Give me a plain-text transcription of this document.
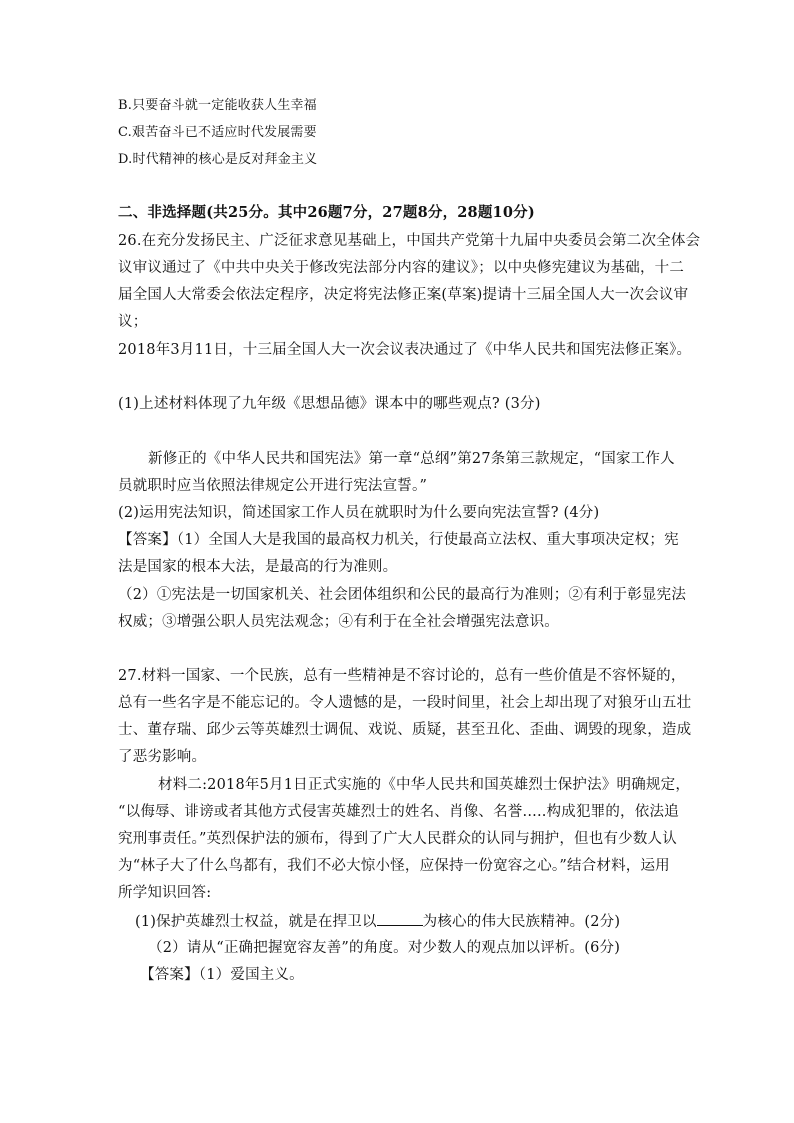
B.只要奋斗就一定能收获人生幸福
C.艰苦奋斗已不适应时代发展需要
D.时代精神的核心是反对拜金主义
二、非选择题(共25分。其中26题7分，27题8分，28题10分)
26.在充分发扬民主、广泛征求意见基础上，中国共产党第十九届中央委员会第二次全体会
议审议通过了《中共中央关于修改宪法部分内容的建议》；以中央修宪建议为基础，十二
届全国人大常委会依法定程序，决定将宪法修正案(草案)提请十三届全国人大一次会议审
议；
2018年3月11日，十三届全国人大一次会议表决通过了《中华人民共和国宪法修正案》。
(1)上述材料体现了九年级《思想品德》课本中的哪些观点? (3分)
新修正的《中华人民共和国宪法》第一章“总纲”第27条第三款规定，“国家工作人
员就职时应当依照法律规定公开进行宪法宣誓。”
(2)运用宪法知识，简述国家工作人员在就职时为什么要向宪法宣誓? (4分)
【答案】（1）全国人大是我国的最高权力机关，行使最高立法权、重大事项决定权；宪
法是国家的根本大法，是最高的行为准则。
（2）①宪法是一切国家机关、社会团体组织和公民的最高行为准则；②有利于彰显宪法
权威；③增强公职人员宪法观念；④有利于在全社会增强宪法意识。
27.材料一国家、一个民族，总有一些精神是不容讨论的，总有一些价值是不容怀疑的，
总有一些名字是不能忘记的。令人遗憾的是，一段时间里，社会上却出现了对狼牙山五壮
士、董存瑞、邱少云等英雄烈士调侃、戏说、质疑，甚至丑化、歪曲、调毁的现象，造成
了恶劣影响。
材料二:2018年5月1日正式实施的《中华人民共和国英雄烈士保护法》明确规定，
“以侮辱、诽谤或者其他方式侵害英雄烈士的姓名、肖像、名誉.....构成犯罪的，依法追
究刑事责任。”英烈保护法的颁布，得到了广大人民群众的认同与拥护，但也有少数人认
为“林子大了什么鸟都有，我们不必大惊小怪，应保持一份宽容之心。”结合材料，运用
所学知识回答:
(1)保护英雄烈士权益，就是在捍卫以	为核心的伟大民族精神。(2分)
（2）请从“正确把握宽容友善”的角度。对少数人的观点加以评析。(6分)
【答案】（1）爱国主义。
